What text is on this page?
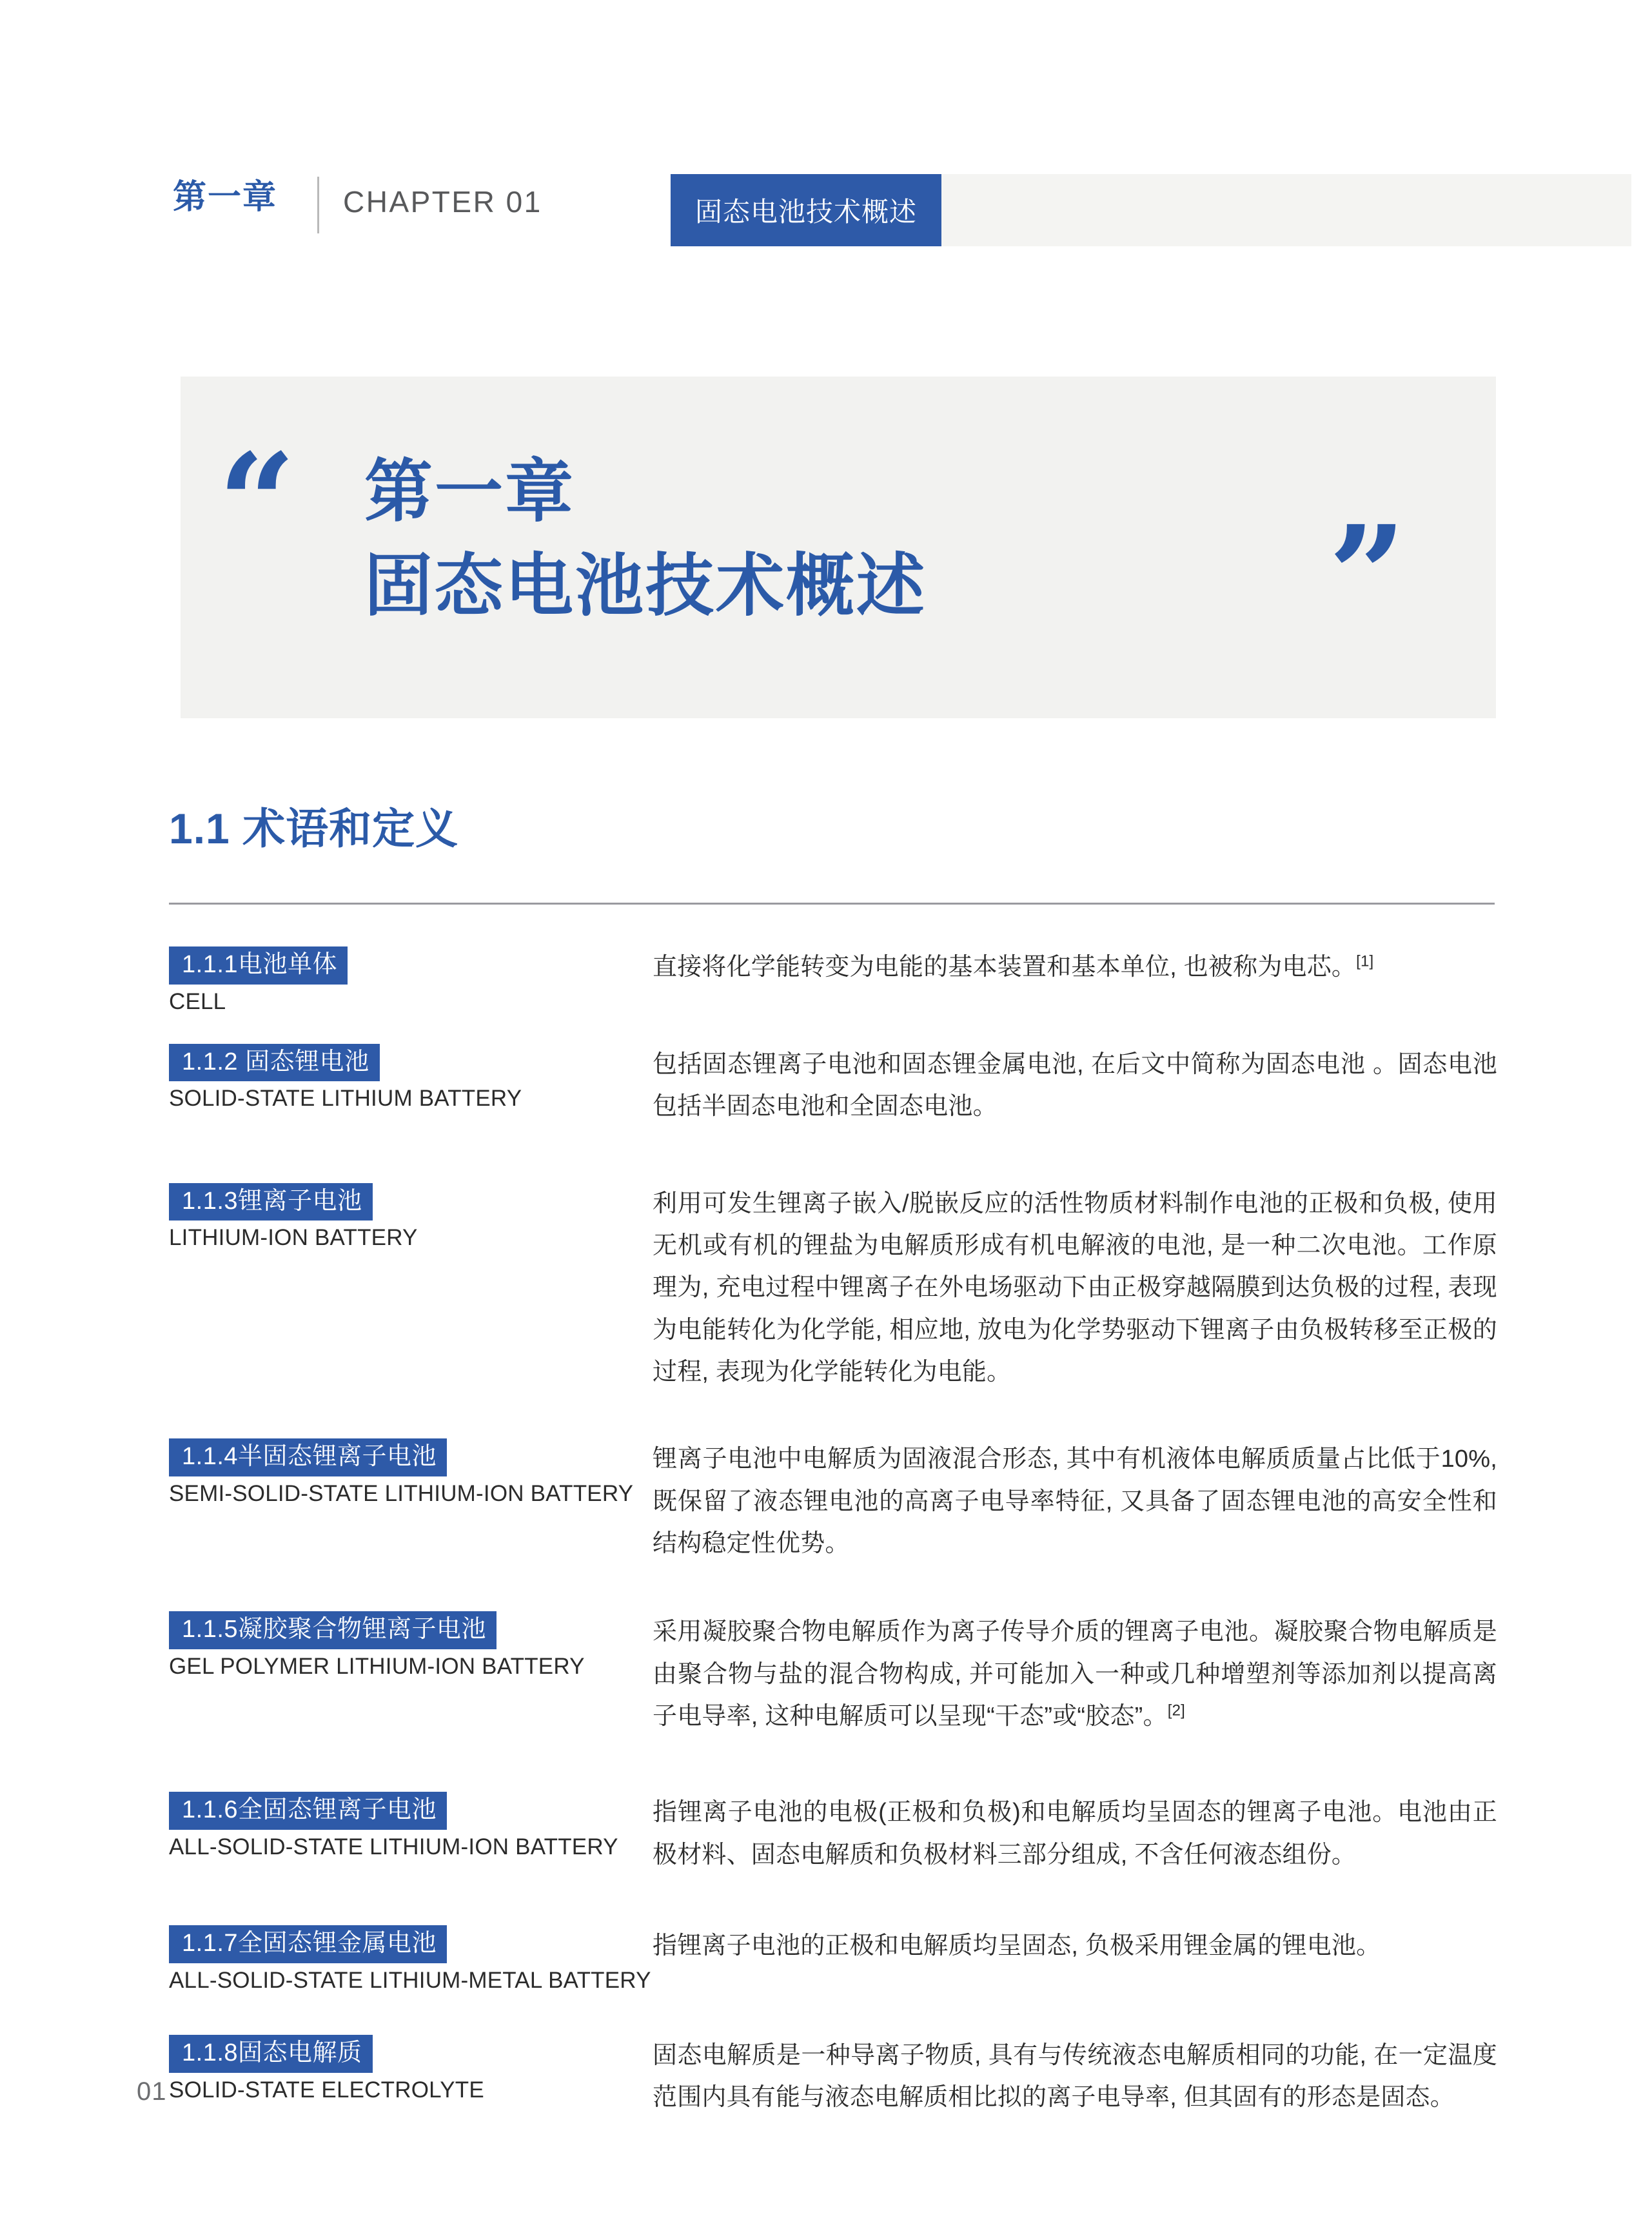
第一章 CHAPTER 01	固态电池技术概述
“	”
第一章
固态电池技术概述
1.1 术语和定义
1.1.1电池单体
CELL
直接将化学能转变为电能的基本装置和基本单位, 也被称为电芯。[1]
1.1.2 固态锂电池
SOLID-STATE LITHIUM BATTERY
包括固态锂离子电池和固态锂金属电池, 在后文中简称为固态电池 。固态电池包括半固态电池和全固态电池。
1.1.3锂离子电池
LITHIUM-ION BATTERY
利用可发生锂离子嵌入/脱嵌反应的活性物质材料制作电池的正极和负极, 使用无机或有机的锂盐为电解质形成有机电解液的电池, 是一种二次电池。工作原理为, 充电过程中锂离子在外电场驱动下由正极穿越隔膜到达负极的过程, 表现为电能转化为化学能, 相应地, 放电为化学势驱动下锂离子由负极转移至正极的过程, 表现为化学能转化为电能。
1.1.4半固态锂离子电池
SEMI-SOLID-STATE LITHIUM-ION BATTERY
锂离子电池中电解质为固液混合形态, 其中有机液体电解质质量占比低于10%, 既保留了液态锂电池的高离子电导率特征, 又具备了固态锂电池的高安全性和结构稳定性优势。
1.1.5凝胶聚合物锂离子电池
GEL POLYMER LITHIUM-ION BATTERY
采用凝胶聚合物电解质作为离子传导介质的锂离子电池。凝胶聚合物电解质是由聚合物与盐的混合物构成, 并可能加入一种或几种增塑剂等添加剂以提高离子电导率, 这种电解质可以呈现“干态”或“胶态”。[2]
1.1.6全固态锂离子电池
ALL-SOLID-STATE LITHIUM-ION BATTERY
指锂离子电池的电极(正极和负极)和电解质均呈固态的锂离子电池。电池由正极材料、固态电解质和负极材料三部分组成, 不含任何液态组份。
1.1.7全固态锂金属电池
ALL-SOLID-STATE LITHIUM-METAL BATTERY
指锂离子电池的正极和电解质均呈固态, 负极采用锂金属的锂电池。
1.1.8固态电解质
SOLID-STATE ELECTROLYTE
固态电解质是一种导离子物质, 具有与传统液态电解质相同的功能, 在一定温度范围内具有能与液态电解质相比拟的离子电导率, 但其固有的形态是固态。
01
